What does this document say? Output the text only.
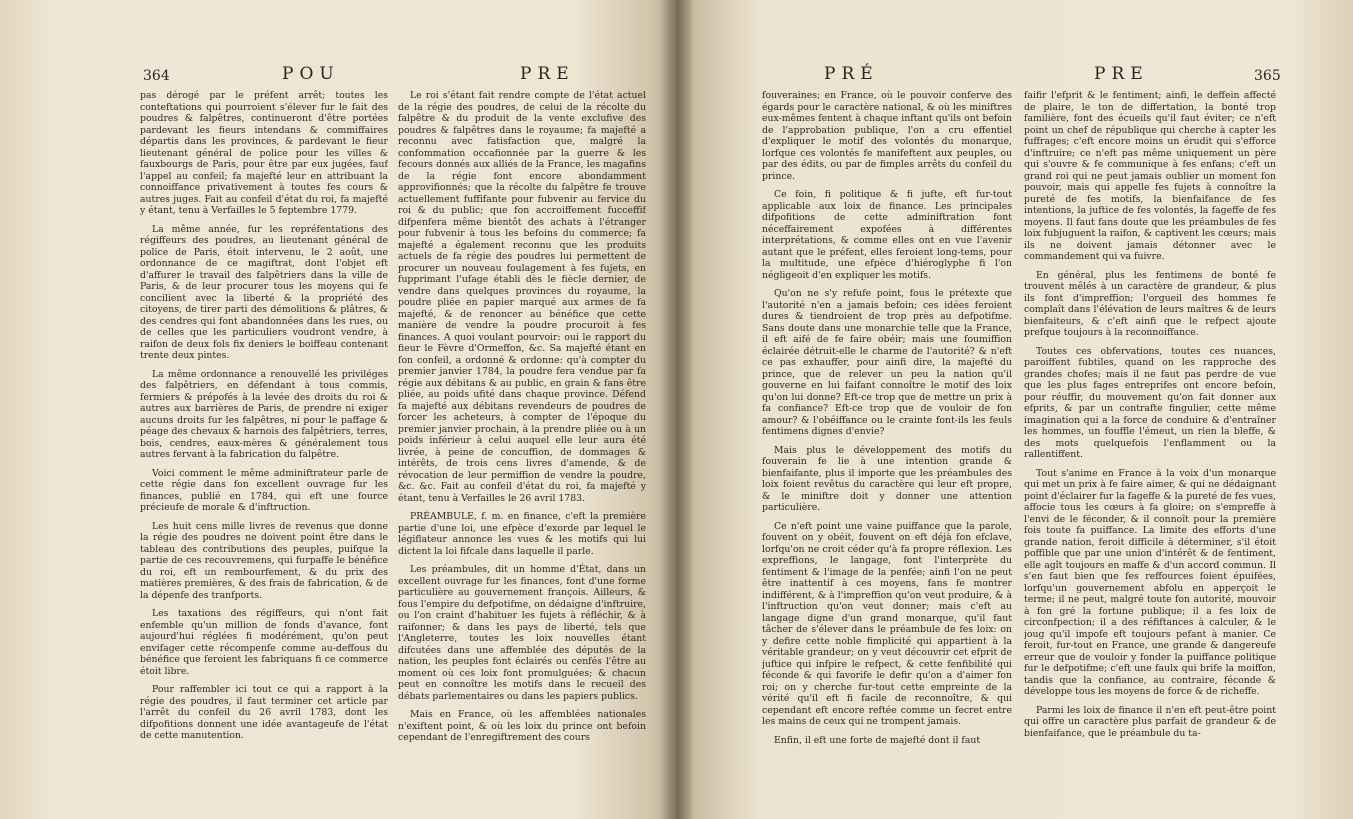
364	POU	PRE

pas dérogé par le préfent arrêt; toutes les conteftations qui pourroient s'élever fur le fait des poudres & falpêtres, continueront d'être portées pardevant les fieurs intendans & commiffaires départis dans les provinces, & pardevant le fieur lieutenant général de police pour les villes & fauxbourgs de Paris, pour être par eux jugées, fauf l'appel au confeil; fa majefté leur en attribuant la connoiffance privativement à toutes fes cours & autres juges. Fait au confeil d'état du roi, fa majefté y étant, tenu à Verfailles le 5 feptembre 1779.

La même année, fur les repréfentations des régiffeurs des poudres, au lieutenant général de police de Paris, étoit intervenu, le 2 août, une ordonnance de ce magiftrat, dont l'objet eft d'affurer le travail des falpêtriers dans la ville de Paris, & de leur procurer tous les moyens qui fe concilient avec la liberté & la propriété des citoyens, de tirer parti des démolitions & plâtres, & des cendres qui font abandonnées dans les rues, ou de celles que les particuliers voudront vendre, à raifon de deux fols fix deniers le boiffeau contenant trente deux pintes.

La même ordonnance a renouvellé les priviléges des falpêtriers, en défendant à tous commis, fermiers & prépofés à la levée des droits du roi & autres aux barrières de Paris, de prendre ni exiger aucuns droits fur les falpêtres, ni pour le paffage & péage des chevaux & harnois des falpêtriers, terres, bois, cendres, eaux-mères & généralement tous autres fervant à la fabrication du falpêtre.

Voici comment le même adminiftrateur parle de cette régie dans fon excellent ouvrage fur les finances, publié en 1784, qui eft une fource précieufe de morale & d'inftruction.

Les huit cens mille livres de revenus que donne la régie des poudres ne doivent point être dans le tableau des contributions des peuples, puifque la partie de ces recouvremens, qui furpaffe le bénéfice du roi, eft un rembourfement, & du prix des matières premières, & des frais de fabrication, & de la dépenfe des tranfports.

Les taxations des régiffeurs, qui n'ont fait enfemble qu'un million de fonds d'avance, font aujourd'hui réglées fi modérément, qu'on peut envifager cette récompenfe comme au-deffous du bénéfice que feroient les fabriquans fi ce commerce étoit libre.

Pour raffembler ici tout ce qui a rapport à la régie des poudres, il faut terminer cet article par l'arrêt du confeil du 26 avril 1783, dont les difpofitions donnent une idée avantageufe de l'état de cette manutention.

Le roi s'étant fait rendre compte de l'état actuel de la régie des poudres, de celui de la récolte du falpêtre & du produit de la vente exclufive des poudres & falpêtres dans le royaume; fa majefté a reconnu avec fatisfaction que, malgré la confommation occafionnée par la guerre & les fecours donnés aux alliés de la France, les magafins de la régie font encore abondamment approvifionnés; que la récolte du falpêtre fe trouve actuellement fuffifante pour fubvenir au fervice du roi & du public; que fon accroiffement fucceffif difpenfera même bientôt des achats à l'étranger pour fubvenir à tous les befoins du commerce; fa majefté a également reconnu que les produits actuels de fa régie des poudres lui permettent de procurer un nouveau foulagement à fes fujets, en fupprimant l'ufage établi dès le fiècle dernier, de vendre dans quelques provinces du royaume, la poudre pliée en papier marqué aux armes de fa majefté, & de renoncer au bénéfice que cette manière de vendre la poudre procuroit à fes finances. A quoi voulant pourvoir: oui le rapport du fieur le Fèvre d'Ormeffon, &c. Sa majefté étant en fon confeil, a ordonné & ordonne: qu'à compter du premier janvier 1784, la poudre fera vendue par fa régie aux débitans & au public, en grain & fans être pliée, au poids ufité dans chaque province. Défend fa majefté aux débitans revendeurs de poudres de forcer les acheteurs, à compter de l'époque du premier janvier prochain, à la prendre pliée ou à un poids inférieur à celui auquel elle leur aura été livrée, à peine de concuffion, de dommages & intérêts, de trois cens livres d'amende, & de révocation de leur permiffion de vendre la poudre, &c. &c. Fait au confeil d'état du roi, fa majefté y étant, tenu à Verfailles le 26 avril 1783.

PRÉAMBULE, f. m. en finance, c'eft la première partie d'une loi, une efpèce d'exorde par lequel le légiflateur annonce les vues & les motifs qui lui dictent la loi fifcale dans laquelle il parle.

Les préambules, dit un homme d'État, dans un excellent ouvrage fur les finances, font d'une forme particulière au gouvernement françois. Ailleurs, & fous l'empire du defpotifme, on dédaigne d'inftruire, ou l'on craint d'habituer les fujets à réfléchir, & à raifonner; & dans les pays de liberté, tels que l'Angleterre, toutes les loix nouvelles étant difcutées dans une affemblée des députés de la nation, les peuples font éclairés ou cenfés l'être au moment où ces loix font promulguées; & chacun peut en connoître les motifs dans le recueil des débats parlementaires ou dans les papiers publics.

Mais en France, où les affemblées nationales n'exiftent point, & où les loix du prince ont befoin cependant de l'enregiftrement des cours

PRÉ	PRE	365

fouveraines; en France, où le pouvoir conferve des égards pour le caractère national, & où les miniftres eux-mêmes fentent à chaque inftant qu'ils ont befoin de l'approbation publique, l'on a cru effentiel d'expliquer le motif des volontés du monarque, lorfque ces volontés fe manifeftent aux peuples, ou par des édits, ou par de fimples arrêts du confeil du prince.

Ce foin, fi politique & fi jufte, eft fur-tout applicable aux loix de finance. Les principales difpofitions de cette adminiftration font néceffairement expofées à différentes interprétations, & comme elles ont en vue l'avenir autant que le préfent, elles feroient long-tems, pour la multitude, une efpèce d'hiéroglyphe fi l'on négligeoit d'en expliquer les motifs.

Qu'on ne s'y refufe point, fous le prétexte que l'autorité n'en a jamais befoin; ces idées feroient dures & tiendroient de trop près au defpotifme. Sans doute dans une monarchie telle que la France, il eft aifé de fe faire obéir; mais une foumiffion éclairée détruit-elle le charme de l'autorité? & n'eft ce pas exhauffer, pour ainfi dire, la majefté du prince, que de relever un peu la nation qu'il gouverne en lui faifant connoître le motif des loix qu'on lui donne? Eft-ce trop que de mettre un prix à fa confiance? Eft-ce trop que de vouloir de fon amour? & l'obéiffance ou le crainte font-ils les feuls fentimens dignes d'envie?

Mais plus le développement des motifs du fouverain fe lie à une intention grande & bienfaifante, plus il importe que les préambules des loix foient revêtus du caractère qui leur eft propre, & le miniftre doit y donner une attention particulière.

Ce n'eft point une vaine puiffance que la parole, fouvent on y obéit, fouvent on eft déjà fon efclave, lorfqu'on ne croit céder qu'à fa propre réflexion. Les expreffions, le langage, font l'interprète du fentiment & l'image de la penfée; ainfi l'on ne peut être inattentif à ces moyens, fans fe montrer indifférent, & à l'impreffion qu'on veut produire, & à l'inftruction qu'on veut donner; mais c'eft au langage digne d'un grand monarque, qu'il faut tâcher de s'élever dans le préambule de fes loix: on y defire cette noble fimplicité qui appartient à la véritable grandeur; on y veut découvrir cet efprit de juftice qui infpire le refpect, & cette fenfibilité qui féconde & qui favorife le defir qu'on a d'aimer fon roi; on y cherche fur-tout cette empreinte de la vérité qu'il eft fi facile de reconnoître, & qui cependant eft encore reftée comme un fecret entre les mains de ceux qui ne trompent jamais.

Enfin, il eft une forte de majefté dont il faut

faifir l'efprit & le fentiment; ainfi, le deffein affecté de plaire, le ton de differtation, la bonté trop familière, font des écueils qu'il faut éviter; ce n'eft point un chef de république qui cherche à capter les fuffrages; c'eft encore moins un érudit qui s'efforce d'inftruire; ce n'eft pas même uniquement un père qui s'ouvre & fe communique à fes enfans; c'eft un grand roi qui ne peut jamais oublier un moment fon pouvoir, mais qui appelle fes fujets à connoître la pureté de fes motifs, la bienfaifance de fes intentions, la juftice de fes volontés, la fageffe de fes moyens. Il faut fans doute que les préambules de fes loix fubjuguent la raifon, & captivent les cœurs; mais ils ne doivent jamais détonner avec le commandement qui va fuivre.

En général, plus les fentimens de bonté fe trouvent mêlés à un caractère de grandeur, & plus ils font d'impreffion; l'orgueil des hommes fe complaît dans l'élévation de leurs maîtres & de leurs bienfaiteurs, & c'eft ainfi que le refpect ajoute prefque toujours à la reconnoiffance.

Toutes ces obfervations, toutes ces nuances, paroiffent fubtiles, quand on les rapproche des grandes chofes; mais il ne faut pas perdre de vue que les plus fages entreprifes ont encore befoin, pour réuffir, du mouvement qu'on fait donner aux efprits, & par un contrafte fingulier, cette même imagination qui a la force de conduire & d'entraîner les hommes, un fouffle l'émeut, un rien la bleffe, & des mots quelquefois l'enflamment ou la rallentiffent.

Tout s'anime en France à la voix d'un monarque qui met un prix à fe faire aimer, & qui ne dédaignant point d'éclairer fur la fageffe & la pureté de fes vues, affocie tous les cœurs à fa gloire; on s'empreffe à l'envi de le féconder, & il connoît pour la première fois toute fa puiffance. La limite des efforts d'une grande nation, feroit difficile à déterminer, s'il étoit poffible que par une union d'intérêt & de fentiment, elle agît toujours en maffe & d'un accord commun. Il s'en faut bien que fes reffources foient épuifées, lorfqu'un gouvernement abfolu en apperçoit le terme; il ne peut, malgré toute fon autorité, mouvoir à fon gré la fortune publique; il a fes loix de circonfpection; il a des réfiftances à calculer, & le joug qu'il impofe eft toujours pefant à manier. Ce feroit, fur-tout en France, une grande & dangereufe erreur que de vouloir y fonder la puiffance politique fur le defpotifme; c'eft une faulx qui brife la moiffon, tandis que la confiance, au contraire, féconde & développe tous les moyens de force & de richeffe.

Parmi les loix de finance il n'en eft peut-être point qui offre un caractère plus parfait de grandeur & de bienfaifance, que le préambule du ta-
